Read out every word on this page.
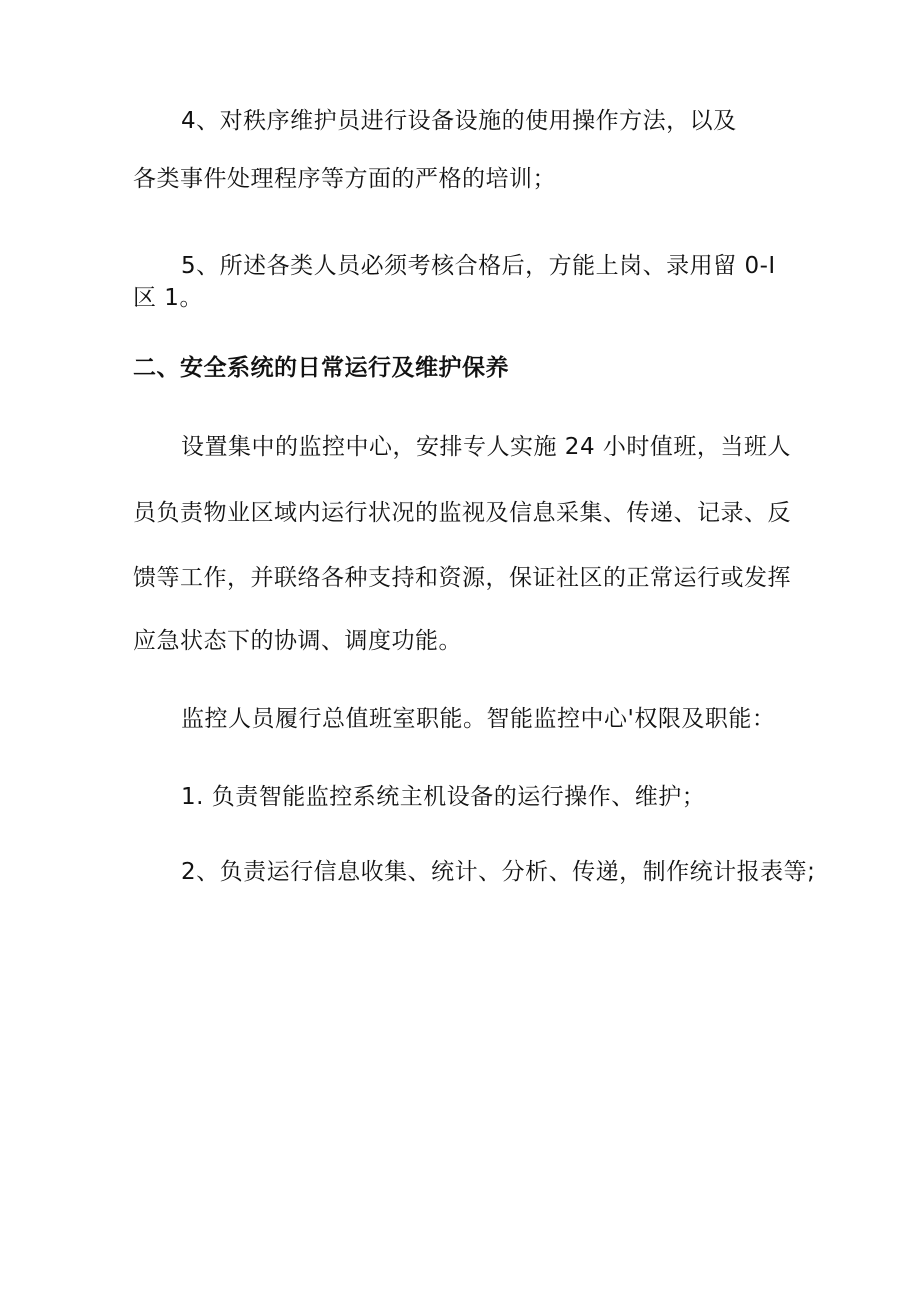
4、对秩序维护员进行设备设施的使用操作方法，以及

各类事件处理程序等方面的严格的培训；

5、所述各类人员必须考核合格后，方能上岗、录用留 0-I

区 1。

二、安全系统的日常运行及维护保养

设置集中的监控中心，安排专人实施 24 小时值班，当班人

员负责物业区域内运行状况的监视及信息采集、传递、记录、反

馈等工作，并联络各种支持和资源，保证社区的正常运行或发挥

应急状态下的协调、调度功能。

监控人员履行总值班室职能。智能监控中心'权限及职能：

1. 负责智能监控系统主机设备的运行操作、维护；

2、负责运行信息收集、统计、分析、传递，制作统计报表等;
